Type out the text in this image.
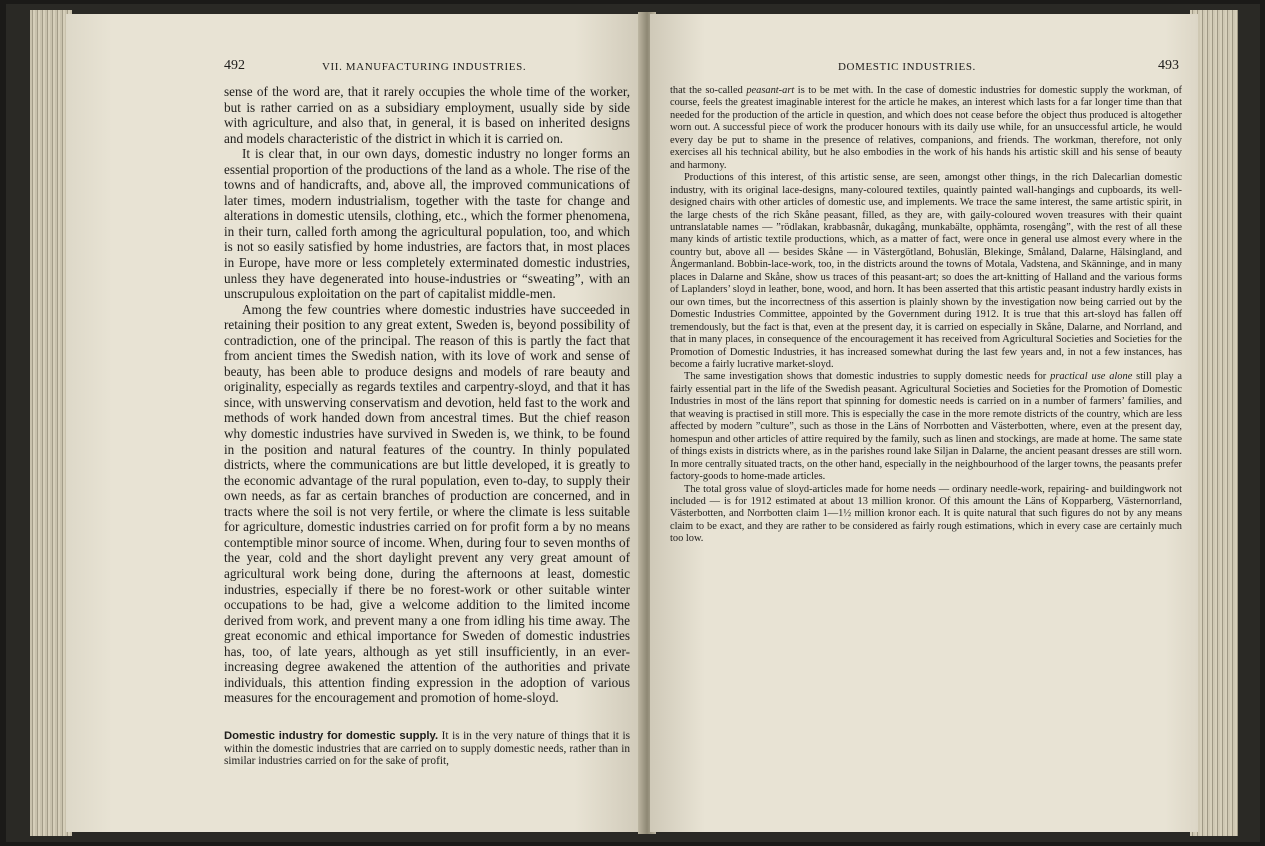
492	VII. MANUFACTURING INDUSTRIES.

sense of the word are, that it rarely occupies the whole time of the worker, but is rather carried on as a subsidiary employment, usually side by side with agriculture, and also that, in general, it is based on inherited designs and models characteristic of the district in which it is carried on.

It is clear that, in our own days, domestic industry no longer forms an essential proportion of the productions of the land as a whole. The rise of the towns and of handicrafts, and, above all, the improved communications of later times, modern industrialism, together with the taste for change and alterations in domestic utensils, clothing, etc., which the former phenomena, in their turn, called forth among the agricultural population, too, and which is not so easily satisfied by home industries, are factors that, in most places in Europe, have more or less completely exterminated domestic industries, unless they have degenerated into house-industries or “sweating”, with an unscrupulous exploitation on the part of capitalist middle-men.

Among the few countries where domestic industries have succeeded in retaining their position to any great extent, Sweden is, beyond possibility of contradiction, one of the principal. The reason of this is partly the fact that from ancient times the Swedish nation, with its love of work and sense of beauty, has been able to produce designs and models of rare beauty and originality, especially as regards textiles and carpentry-sloyd, and that it has since, with unswerving conservatism and devotion, held fast to the work and methods of work handed down from ancestral times. But the chief reason why domestic industries have survived in Sweden is, we think, to be found in the position and natural features of the country. In thinly populated districts, where the communications are but little developed, it is greatly to the economic advantage of the rural population, even to-day, to supply their own needs, as far as certain branches of production are concerned, and in tracts where the soil is not very fertile, or where the climate is less suitable for agriculture, domestic industries carried on for profit form a by no means contemptible minor source of income. When, during four to seven months of the year, cold and the short daylight prevent any very great amount of agricultural work being done, during the afternoons at least, domestic industries, especially if there be no forest-work or other suitable winter occupations to be had, give a welcome addition to the limited income derived from work, and prevent many a one from idling his time away. The great economic and ethical importance for Sweden of domestic industries has, too, of late years, although as yet still insufficiently, in an ever-increasing degree awakened the attention of the authorities and private individuals, this attention finding expression in the adoption of various measures for the encouragement and promotion of home-sloyd.

Domestic industry for domestic supply. It is in the very nature of things that it is within the domestic industries that are carried on to supply domestic needs, rather than in similar industries carried on for the sake of profit,
DOMESTIC INDUSTRIES.	493

that the so-called peasant-art is to be met with. In the case of domestic industries for domestic supply the workman, of course, feels the greatest imaginable interest for the article he makes, an interest which lasts for a far longer time than that needed for the production of the article in question, and which does not cease before the object thus produced is altogether worn out. A successful piece of work the producer honours with its daily use while, for an unsuccessful article, he would every day be put to shame in the presence of relatives, companions, and friends. The workman, therefore, not only exercises all his technical ability, but he also embodies in the work of his hands his artistic skill and his sense of beauty and harmony.

Productions of this interest, of this artistic sense, are seen, amongst other things, in the rich Dalecarlian domestic industry, with its original lace-designs, many-coloured textiles, quaintly painted wall-hangings and cupboards, its well-designed chairs with other articles of domestic use, and implements. We trace the same interest, the same artistic spirit, in the large chests of the rich Skåne peasant, filled, as they are, with gaily-coloured woven treasures with their quaint untranslatable names — ”rödlakan, krabbasnår, dukagång, munkabälte, opphämta, rosengång”, with the rest of all these many kinds of artistic textile productions, which, as a matter of fact, were once in general use almost every where in the country but, above all — besides Skåne — in Västergötland, Bohuslän, Blekinge, Småland, Dalarne, Hälsingland, and Ångermanland. Bobbin-lace-work, too, in the districts around the towns of Motala, Vadstena, and Skänninge, and in many places in Dalarne and Skåne, show us traces of this peasant-art; so does the art-knitting of Halland and the various forms of Laplanders’ sloyd in leather, bone, wood, and horn. It has been asserted that this artistic peasant industry hardly exists in our own times, but the incorrectness of this assertion is plainly shown by the investigation now being carried out by the Domestic Industries Committee, appointed by the Government during 1912. It is true that this art-sloyd has fallen off tremendously, but the fact is that, even at the present day, it is carried on especially in Skåne, Dalarne, and Norrland, and that in many places, in consequence of the encouragement it has received from Agricultural Societies and Societies for the Promotion of Domestic Industries, it has increased somewhat during the last few years and, in not a few instances, has become a fairly lucrative market-sloyd.

The same investigation shows that domestic industries to supply domestic needs for practical use alone still play a fairly essential part in the life of the Swedish peasant. Agricultural Societies and Societies for the Promotion of Domestic Industries in most of the läns report that spinning for domestic needs is carried on in a number of farmers’ families, and that weaving is practised in still more. This is especially the case in the more remote districts of the country, which are less affected by modern ”culture”, such as those in the Läns of Norrbotten and Västerbotten, where, even at the present day, homespun and other articles of attire required by the family, such as linen and stockings, are made at home. The same state of things exists in districts where, as in the parishes round lake Siljan in Dalarne, the ancient peasant dresses are still worn. In more centrally situated tracts, on the other hand, especially in the neighbourhood of the larger towns, the peasants prefer factory-goods to home-made articles.

The total gross value of sloyd-articles made for home needs — ordinary needle-work, repairing- and buildingwork not included — is for 1912 estimated at about 13 million kronor. Of this amount the Läns of Kopparberg, Västernorrland, Västerbotten, and Norrbotten claim 1—1½ million kronor each. It is quite natural that such figures do not by any means claim to be exact, and they are rather to be considered as fairly rough estimations, which in every case are certainly much too low.
